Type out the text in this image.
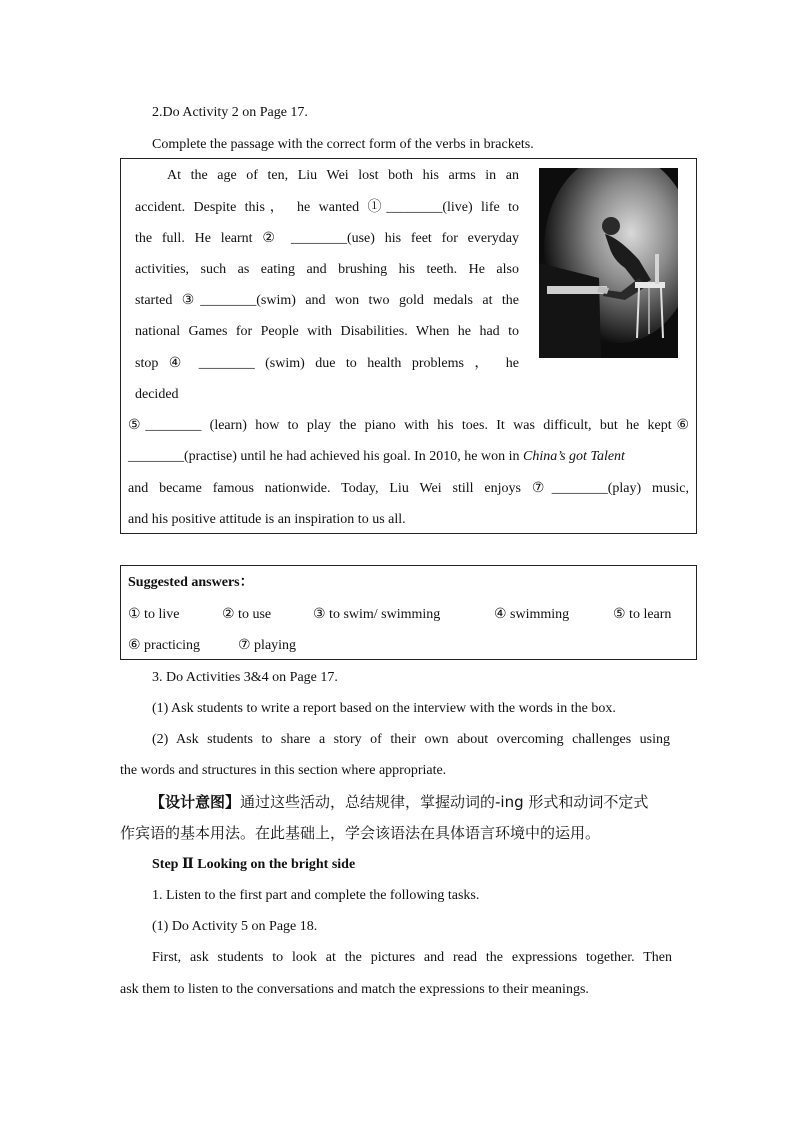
2.Do Activity 2 on Page 17.
Complete the passage with the correct form of the verbs in brackets.
At the age of ten, Liu Wei lost both his arms in an
accident. Despite this， he wanted ①________(live) life to
the full. He learnt ② ________(use) his feet for everyday
activities, such as eating and brushing his teeth. He also
started ③________(swim) and won two gold medals at the
national Games for People with Disabilities. When he had to
stop ④ ________ (swim) due to health problems ， he
decided
⑤________ (learn) how to play the piano with his toes. It was difficult, but he kept⑥
________(practise) until he had achieved his goal. In 2010, he won in China’s got Talent
and became famous nationwide. Today, Liu Wei still enjoys ⑦________(play) music,
and his positive attitude is an inspiration to us all.
Suggested answers：
① to live	② to use	③ to swim/ swimming	④ swimming	⑤ to learn
⑥ practicing	⑦ playing
3. Do Activities 3&4 on Page 17.
(1) Ask students to write a report based on the interview with the words in the box.
(2) Ask students to share a story of their own about overcoming challenges using
the words and structures in this section where appropriate.
【设计意图】通过这些活动，总结规律，掌握动词的-ing 形式和动词不定式
作宾语的基本用法。在此基础上，学会该语法在具体语言环境中的运用。
Step Ⅱ Looking on the bright side
1. Listen to the first part and complete the following tasks.
(1) Do Activity 5 on Page 18.
First, ask students to look at the pictures and read the expressions together. Then
ask them to listen to the conversations and match the expressions to their meanings.
